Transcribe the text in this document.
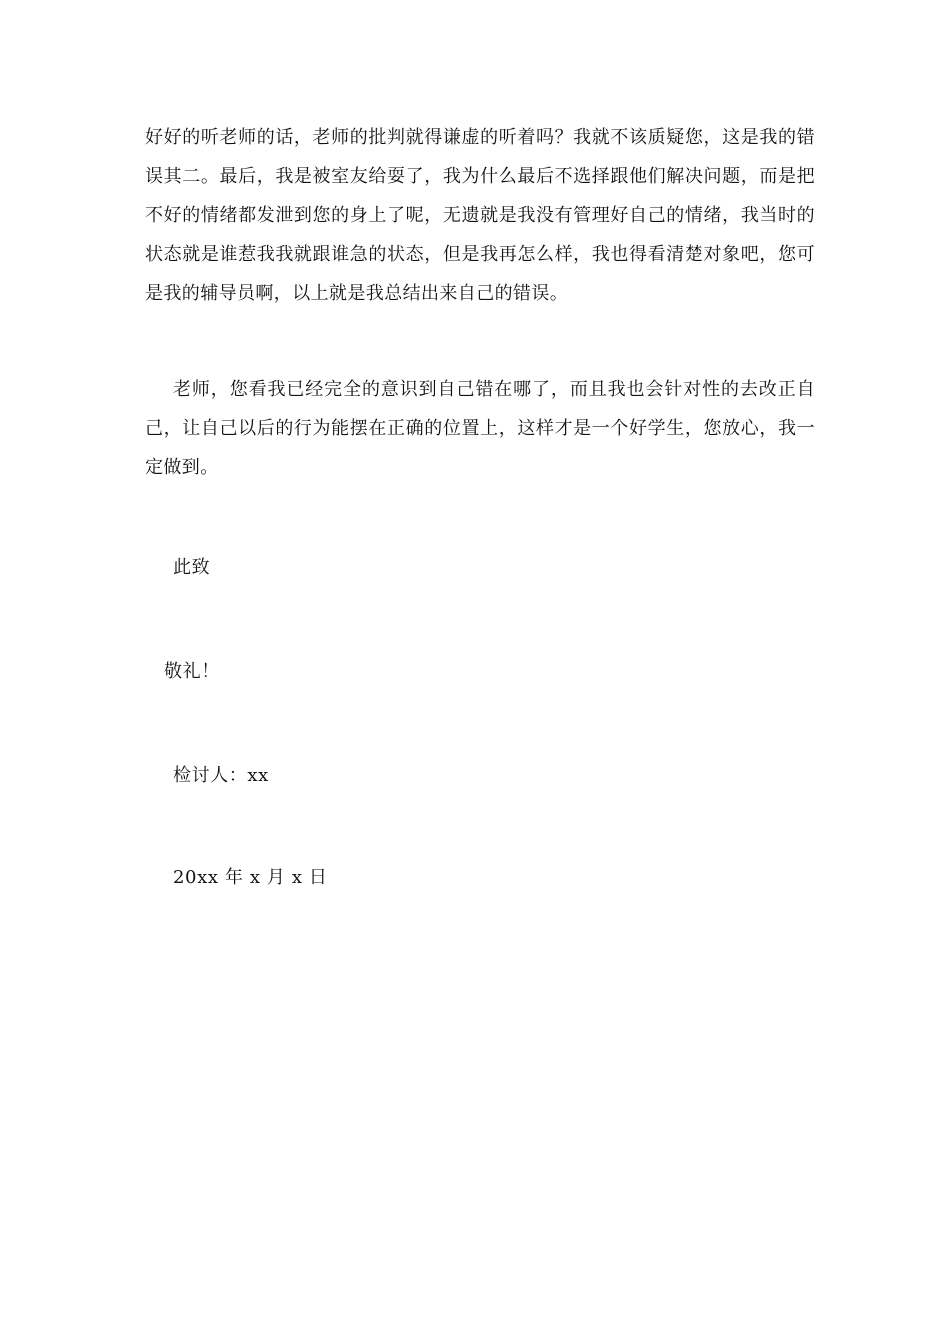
好好的听老师的话，老师的批判就得谦虚的听着吗？我就不该质疑您，这是我的错误其二。最后，我是被室友给耍了，我为什么最后不选择跟他们解决问题，而是把不好的情绪都发泄到您的身上了呢，无遗就是我没有管理好自己的情绪，我当时的状态就是谁惹我我就跟谁急的状态，但是我再怎么样，我也得看清楚对象吧，您可是我的辅导员啊，以上就是我总结出来自己的错误。

老师，您看我已经完全的意识到自己错在哪了，而且我也会针对性的去改正自己，让自己以后的行为能摆在正确的位置上，这样才是一个好学生，您放心，我一定做到。

此致

敬礼！

检讨人：xx

20xx 年 x 月 x 日
